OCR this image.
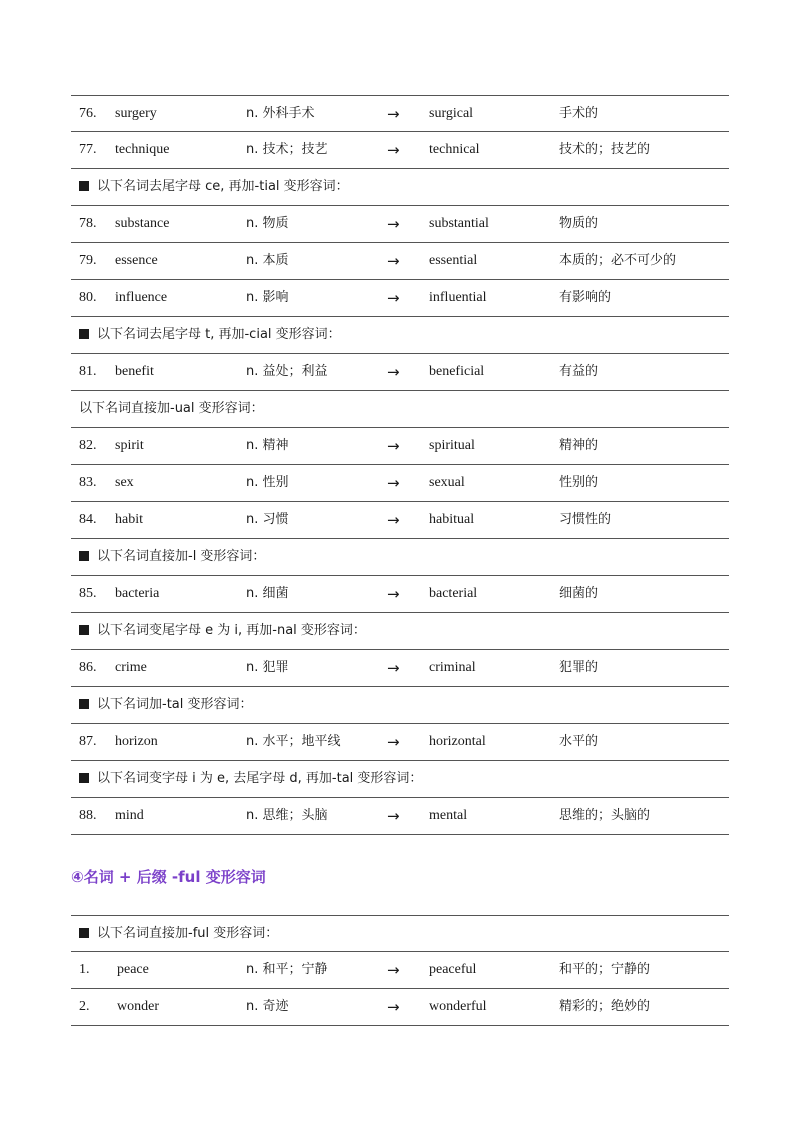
76. surgery	n. 外科手术	→ surgical	手术的
77. technique	n. 技术；技艺	→ technical	技术的；技艺的
以下名词去尾字母 ce, 再加-tial 变形容词：
78. substance	n. 物质	→ substantial	物质的
79. essence	n. 本质	→ essential	本质的；必不可少的
80. influence	n. 影响	→ influential	有影响的
以下名词去尾字母 t, 再加-cial 变形容词：
81. benefit	n. 益处；利益	→ beneficial	有益的
以下名词直接加-ual 变形容词：
82. spirit	n. 精神	→ spiritual	精神的
83. sex	n. 性别	→ sexual	性别的
84. habit	n. 习惯	→ habitual	习惯性的
以下名词直接加-l 变形容词：
85. bacteria	n. 细菌	→ bacterial	细菌的
以下名词变尾字母 e 为 i, 再加-nal 变形容词：
86. crime	n. 犯罪	→ criminal	犯罪的
以下名词加-tal 变形容词：
87. horizon	n. 水平；地平线	→ horizontal	水平的
以下名词变字母 i 为 e, 去尾字母 d, 再加-tal 变形容词：
88. mind	n. 思维；头脑	→ mental	思维的；头脑的
④名词 + 后缀 -ful 变形容词
以下名词直接加-ful 变形容词：
1. peace	n. 和平；宁静	→ peaceful	和平的；宁静的
2. wonder	n. 奇迹	→ wonderful	精彩的；绝妙的
